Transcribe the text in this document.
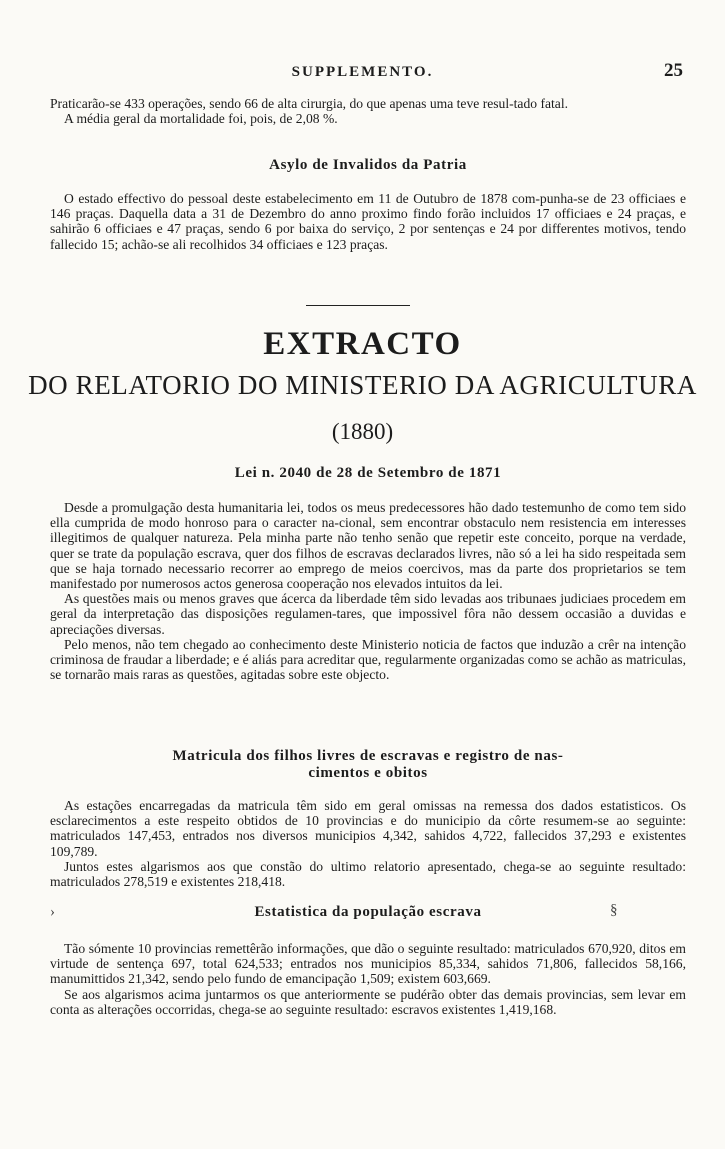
SUPPLEMENTO.	25

Praticarão-se 433 operações, sendo 66 de alta cirurgia, do que apenas uma teve resul-tado fatal.

A média geral da mortalidade foi, pois, de 2,08 %.

Asylo de Invalidos da Patria

O estado effectivo do pessoal deste estabelecimento em 11 de Outubro de 1878 com-punha-se de 23 officiaes e 146 praças. Daquella data a 31 de Dezembro do anno proximo findo forão incluidos 17 officiaes e 24 praças, e sahirão 6 officiaes e 47 praças, sendo 6 por baixa do serviço, 2 por sentenças e 24 por differentes motivos, tendo fallecido 15; achão-se ali recolhidos 34 officiaes e 123 praças.

EXTRACTO
DO RELATORIO DO MINISTERIO DA AGRICULTURA
(1880)
Lei n. 2040 de 28 de Setembro de 1871

Desde a promulgação desta humanitaria lei, todos os meus predecessores hão dado testemunho de como tem sido ella cumprida de modo honroso para o caracter na-cional, sem encontrar obstaculo nem resistencia em interesses illegitimos de qualquer natureza. Pela minha parte não tenho senão que repetir este conceito, porque na verdade, quer se trate da população escrava, quer dos filhos de escravas declarados livres, não só a lei ha sido respeitada sem que se haja tornado necessario recorrer ao emprego de meios coercivos, mas da parte dos proprietarios se tem manifestado por numerosos actos generosa cooperação nos elevados intuitos da lei.

As questões mais ou menos graves que ácerca da liberdade têm sido levadas aos tribunaes judiciaes procedem em geral da interpretação das disposições regulamen-tares, que impossivel fôra não dessem occasião a duvidas e apreciações diversas.

Pelo menos, não tem chegado ao conhecimento deste Ministerio noticia de factos que induzão a crêr na intenção criminosa de fraudar a liberdade; e é aliás para acreditar que, regularmente organizadas como se achão as matriculas, se tornarão mais raras as questões, agitadas sobre este objecto.

Matricula dos filhos livres de escravas e registro de nas-
cimentos e obitos

As estações encarregadas da matricula têm sido em geral omissas na remessa dos dados estatisticos. Os esclarecimentos a este respeito obtidos de 10 provincias e do municipio da côrte resumem-se ao seguinte: matriculados 147,453, entrados nos diversos municipios 4,342, sahidos 4,722, fallecidos 37,293 e existentes 109,789.

Juntos estes algarismos aos que constão do ultimo relatorio apresentado, chega-se ao seguinte resultado: matriculados 278,519 e existentes 218,418.

›	Estatistica da população escrava	§

Tão sómente 10 provincias remettêrão informações, que dão o seguinte resultado: matriculados 670,920, ditos em virtude de sentença 697, total 624,533; entrados nos municipios 85,334, sahidos 71,806, fallecidos 58,166, manumittidos 21,342, sendo pelo fundo de emancipação 1,509; existem 603,669.

Se aos algarismos acima juntarmos os que anteriormente se pudérão obter das demais provincias, sem levar em conta as alterações occorridas, chega-se ao seguinte resultado: escravos existentes 1,419,168.
